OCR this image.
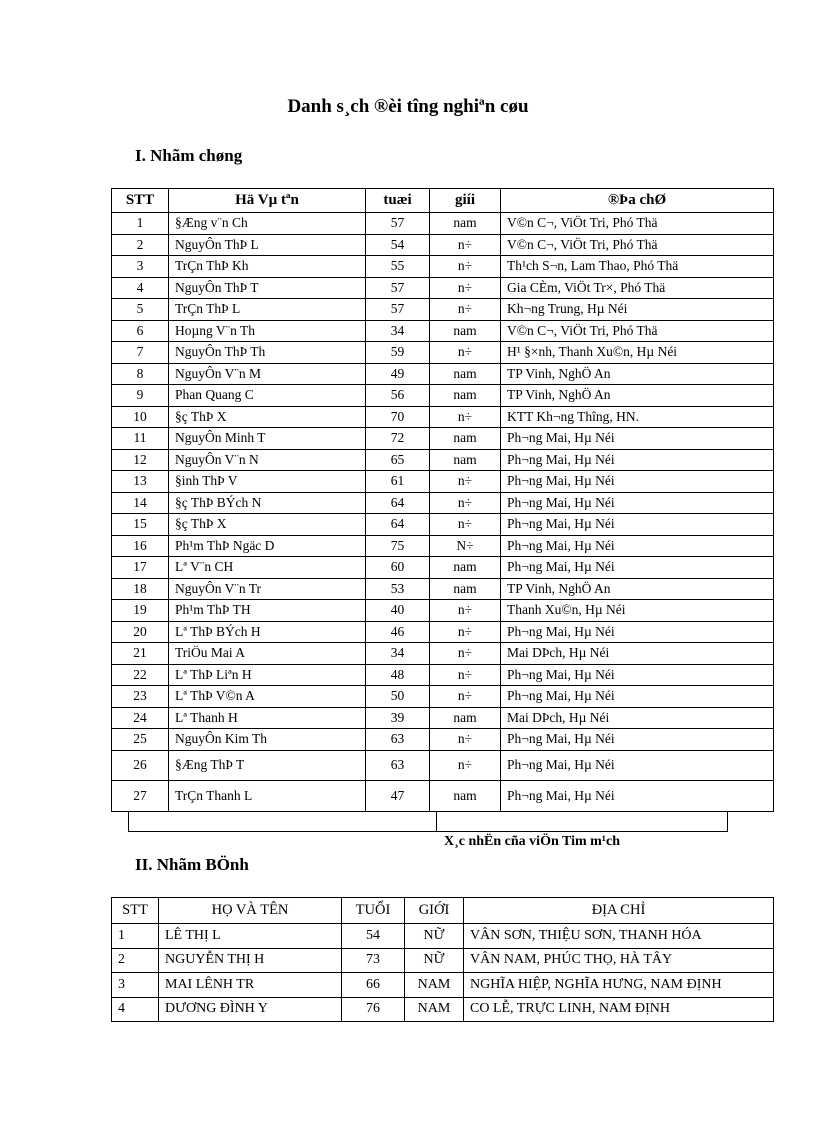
Danh s¸ch ®èi tîng nghiªn cøu
I. Nhãm chøng
STT	Hä Vµ tªn	tuæi	giíi	®Þa chØ
1	§Æng v¨n Ch	57	nam	V©n C¬, ViÖt Tri, Phó Thä
2	NguyÔn ThÞ L	54	n÷	V©n C¬, ViÖt Tri, Phó Thä
3	TrÇn ThÞ Kh	55	n÷	Th¹ch S¬n, Lam Thao, Phó Thä
4	NguyÔn ThÞ T	57	n÷	Gia CÈm, ViÖt Tr×, Phó Thä
5	TrÇn ThÞ L	57	n÷	Kh¬ng Trung, Hµ Néi
6	Hoµng V¨n Th	34	nam	V©n C¬, ViÖt Tri, Phó Thä
7	NguyÔn ThÞ Th	59	n÷	H¹ §×nh, Thanh Xu©n, Hµ Néi
8	NguyÔn V¨n M	49	nam	TP Vinh, NghÖ An
9	Phan Quang C	56	nam	TP Vinh, NghÖ An
10	§ç ThÞ X	70	n÷	KTT Kh¬ng Thîng, HN.
11	NguyÔn Minh T	72	nam	Ph¬ng Mai, Hµ Néi
12	NguyÔn V¨n N	65	nam	Ph¬ng Mai, Hµ Néi
13	§inh ThÞ V	61	n÷	Ph¬ng Mai, Hµ Néi
14	§ç ThÞ BÝch N	64	n÷	Ph¬ng Mai, Hµ Néi
15	§ç ThÞ X	64	n÷	Ph¬ng Mai, Hµ Néi
16	Ph¹m ThÞ Ngäc D	75	N÷	Ph¬ng Mai, Hµ Néi
17	Lª V¨n CH	60	nam	Ph¬ng Mai, Hµ Néi
18	NguyÔn V¨n Tr	53	nam	TP Vinh, NghÖ An
19	Ph¹m ThÞ TH	40	n÷	Thanh Xu©n, Hµ Néi
20	Lª ThÞ BÝch H	46	n÷	Ph¬ng Mai, Hµ Néi
21	TriÖu Mai A	34	n÷	Mai DÞch, Hµ Néi
22	Lª ThÞ Liªn H	48	n÷	Ph¬ng Mai, Hµ Néi
23	Lª ThÞ V©n A	50	n÷	Ph¬ng Mai, Hµ Néi
24	Lª Thanh H	39	nam	Mai DÞch, Hµ Néi
25	NguyÔn Kim Th	63	n÷	Ph¬ng Mai, Hµ Néi
26	§Æng ThÞ T	63	n÷	Ph¬ng Mai, Hµ Néi
27	TrÇn Thanh L	47	nam	Ph¬ng Mai, Hµ Néi
X¸c nhËn cña viÖn Tim m¹ch
II. Nhãm BÖnh
STT	HỌ VÀ TÊN	TUỔI	GIỚI	ĐỊA CHỈ
1	LÊ THỊ L	54	NỮ	VÂN SƠN, THIỆU SƠN, THANH HÓA
2	NGUYỄN THỊ H	73	NỮ	VÂN NAM, PHÚC THỌ, HÀ TÂY
3	MAI LÊNH TR	66	NAM	NGHĨA HIỆP, NGHĨA HƯNG, NAM ĐỊNH
4	DƯƠNG ĐÌNH Y	76	NAM	CO LỄ, TRỰC LINH, NAM ĐỊNH
